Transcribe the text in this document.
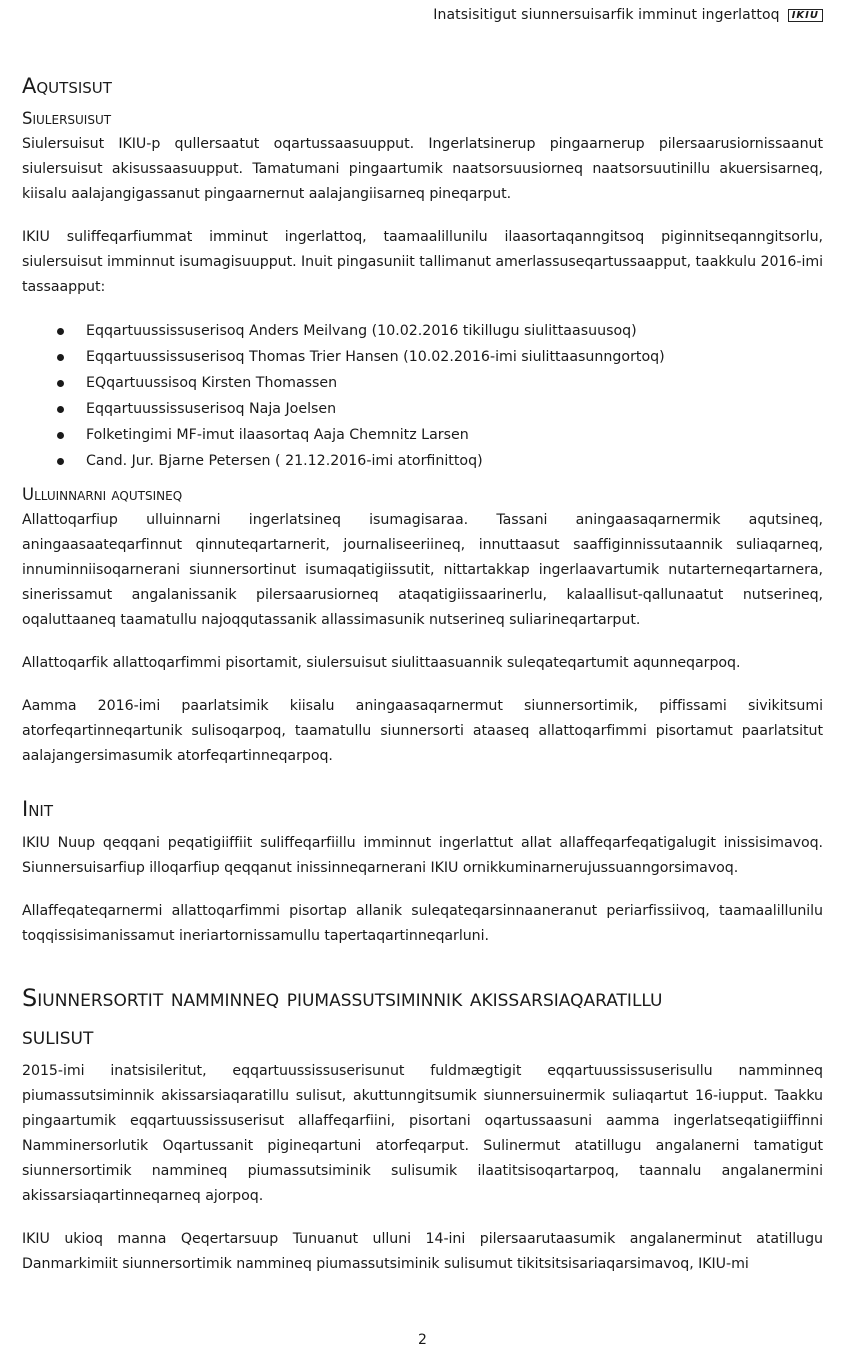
Inatsisitigut siunnersuisarfik imminut ingerlattoq	IKIU
Aqutsisut
Siulersuisut

Siulersuisut IKIU-p qullersaatut oqartussaasuupput. Ingerlatsinerup pingaarnerup pilersaarusiornissaanut siulersuisut akisussaasuupput. Tamatumani pingaartumik naatsorsuusiorneq naatsorsuutinillu akuersisarneq, kiisalu aalajangigassanut pingaarnernut aalajangiisarneq pineqarput.

IKIU suliffeqarfiummat imminut ingerlattoq, taamaalillunilu ilaasortaqanngitsoq piginnitseqanngitsorlu, siulersuisut imminnut isumagisuupput. Inuit pingasuniit tallimanut amerlassuseqartussaapput, taakkulu 2016-imi tassaapput:

Eqqartuussissuserisoq Anders Meilvang (10.02.2016 tikillugu siulittaasuusoq)
Eqqartuussissuserisoq Thomas Trier Hansen (10.02.2016-imi siulittaasunngortoq)
EQqartuussisoq Kirsten Thomassen
Eqqartuussissuserisoq Naja Joelsen
Folketingimi MF-imut ilaasortaq Aaja Chemnitz Larsen
Cand. Jur. Bjarne Petersen ( 21.12.2016-imi atorfinittoq)
Ulluinnarni aqutsineq

Allattoqarfiup ulluinnarni ingerlatsineq isumagisaraa. Tassani aningaasaqarnermik aqutsineq, aningaasaateqarfinnut qinnuteqartarnerit, journaliseeriineq, innuttaasut saaffiginnissutaannik suliaqarneq, innuminniisoqarnerani siunnersortinut isumaqatigiissutit, nittartakkap ingerlaavartumik nutarterneqartarnera, sinerissamut angalanissanik pilersaarusiorneq ataqatigiissaarinerlu, kalaallisut-qallunaatut nutserineq, oqaluttaaneq taamatullu najoqqutassanik allassimasunik nutserineq suliarineqartarput.

Allattoqarfik allattoqarfimmi pisortamit, siulersuisut siulittaasuannik suleqateqartumit aqunneqarpoq.

Aamma 2016-imi paarlatsimik kiisalu aningaasaqarnermut siunnersortimik, piffissami sivikitsumi atorfeqartinneqartunik sulisoqarpoq, taamatullu siunnersorti ataaseq allattoqarfimmi pisortamut paarlatsitut aalajangersimasumik atorfeqartinneqarpoq.

Init

IKIU Nuup qeqqani peqatigiiffiit suliffeqarfiillu imminnut ingerlattut allat allaffeqarfeqatigalugit inissisimavoq. Siunnersuisarfiup illoqarfiup qeqqanut inissinneqarnerani IKIU ornikkuminarnerujussuanngorsimavoq.

Allaffeqateqarnermi allattoqarfimmi pisortap allanik suleqateqarsinnaaneranut periarfissiivoq, taamaalillunilu toqqissisimanissamut ineriartornissamullu tapertaqartinneqarluni.

Siunnersortit namminneq piumassutsiminnik akissarsiaqaratillu
sulisut

2015-imi inatsisileritut, eqqartuussissuserisunut fuldmægtigit eqqartuussissuserisullu namminneq piumassutsiminnik akissarsiaqaratillu sulisut, akuttunngitsumik siunnersuinermik suliaqartut 16-iupput. Taakku pingaartumik eqqartuussissuserisut allaffeqarfiini, pisortani oqartussaasuni aamma ingerlatseqatigiiffinni Namminersorlutik Oqartussanit pigineqartuni atorfeqarput. Sulinermut atatillugu angalanerni tamatigut siunnersortimik nammineq piumassutsiminik sulisumik ilaatitsisoqartarpoq, taannalu angalanermini akissarsiaqartinneqarneq ajorpoq.

IKIU ukioq manna Qeqertarsuup Tunuanut ulluni 14-ini pilersaarutaasumik angalanerminut atatillugu Danmarkimiit siunnersortimik nammineq piumassutsiminik sulisumut tikitsitsisariaqarsimavoq, IKIU-mi

2
